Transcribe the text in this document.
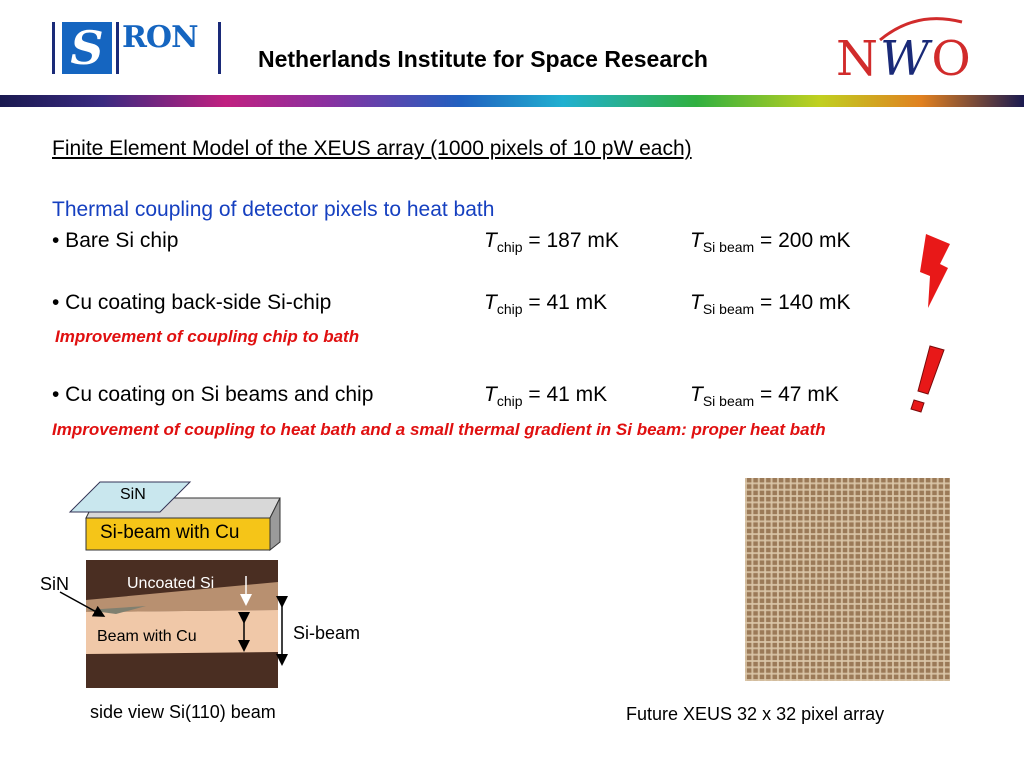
S RON
Netherlands Institute for Space Research	NWO
Finite Element Model of the XEUS array (1000 pixels of 10 pW each)
Thermal coupling of detector pixels to heat bath
• Bare Si chip	$T_{chip} = 187$ mK	$T_{Si beam} = 200$ mK
• Cu coating back-side Si-chip	$T_{chip} = 41$ mK	$T_{Si beam} = 140$ mK
Improvement of coupling chip to bath
• Cu coating on Si beams and chip	$T_{chip} = 41$ mK	$T_{Si beam} = 47$ mK
Improvement of coupling to heat bath and a small thermal gradient in Si beam: proper heat bath
SiN
Si-beam with Cu
Uncoated Si
Beam with Cu
SiN
Si-beam
side view Si(110) beam	Future XEUS 32 x 32 pixel array
